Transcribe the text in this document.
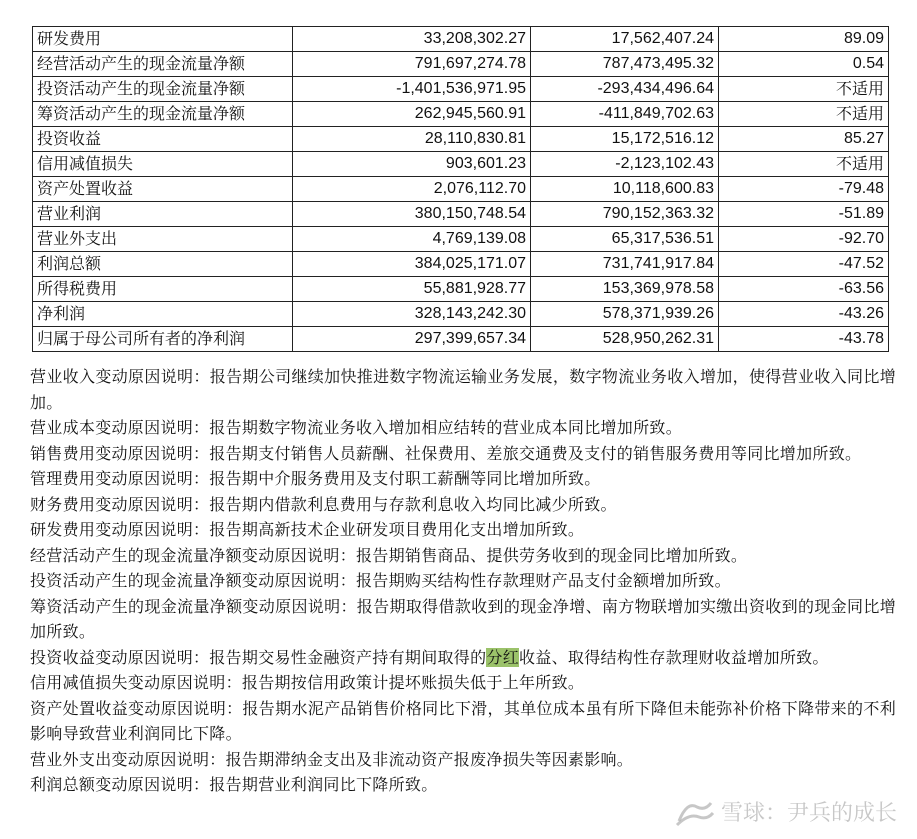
研发费用	33,208,302.27	17,562,407.24	89.09
经营活动产生的现金流量净额	791,697,274.78	787,473,495.32	0.54
投资活动产生的现金流量净额	-1,401,536,971.95	-293,434,496.64	不适用
筹资活动产生的现金流量净额	262,945,560.91	-411,849,702.63	不适用
投资收益	28,110,830.81	15,172,516.12	85.27
信用减值损失	903,601.23	-2,123,102.43	不适用
资产处置收益	2,076,112.70	10,118,600.83	-79.48
营业利润	380,150,748.54	790,152,363.32	-51.89
营业外支出	4,769,139.08	65,317,536.51	-92.70
利润总额	384,025,171.07	731,741,917.84	-47.52
所得税费用	55,881,928.77	153,369,978.58	-63.56
净利润	328,143,242.30	578,371,939.26	-43.26
归属于母公司所有者的净利润	297,399,657.34	528,950,262.31	-43.78

营业收入变动原因说明：报告期公司继续加快推进数字物流运输业务发展，数字物流业务收入增加，使得营业收入同比增加。

营业成本变动原因说明：报告期数字物流业务收入增加相应结转的营业成本同比增加所致。

销售费用变动原因说明：报告期支付销售人员薪酬、社保费用、差旅交通费及支付的销售服务费用等同比增加所致。

管理费用变动原因说明：报告期中介服务费用及支付职工薪酬等同比增加所致。

财务费用变动原因说明：报告期内借款利息费用与存款利息收入均同比减少所致。

研发费用变动原因说明：报告期高新技术企业研发项目费用化支出增加所致。

经营活动产生的现金流量净额变动原因说明：报告期销售商品、提供劳务收到的现金同比增加所致。

投资活动产生的现金流量净额变动原因说明：报告期购买结构性存款理财产品支付金额增加所致。

筹资活动产生的现金流量净额变动原因说明：报告期取得借款收到的现金净增、南方物联增加实缴出资收到的现金同比增加所致。

投资收益变动原因说明：报告期交易性金融资产持有期间取得的分红收益、取得结构性存款理财收益增加所致。

信用减值损失变动原因说明：报告期按信用政策计提坏账损失低于上年所致。

资产处置收益变动原因说明：报告期水泥产品销售价格同比下滑，其单位成本虽有所下降但未能弥补价格下降带来的不利影响导致营业利润同比下降。

营业外支出变动原因说明：报告期滞纳金支出及非流动资产报废净损失等因素影响。

利润总额变动原因说明：报告期营业利润同比下降所致。

雪球：尹兵的成长
